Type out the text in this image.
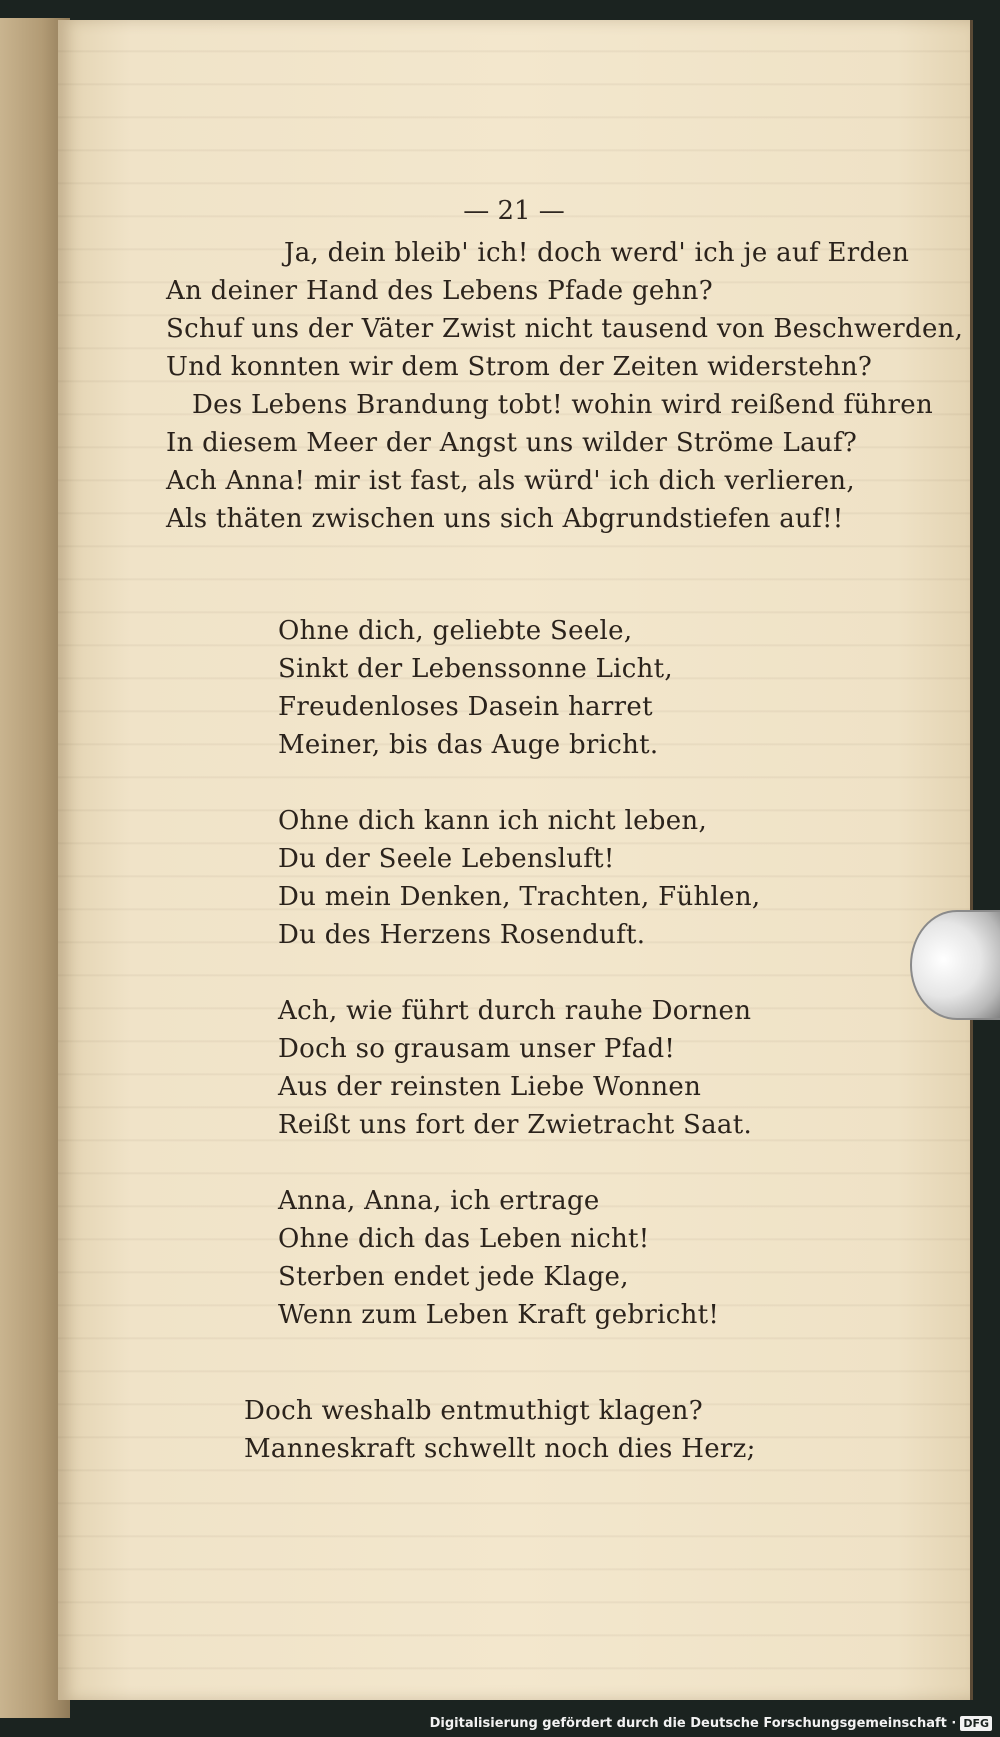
— 21 —
Ja, dein bleib' ich! doch werd' ich je auf Erden
An deiner Hand des Lebens Pfade gehn?
Schuf uns der Väter Zwist nicht tausend von Beschwerden,
Und konnten wir dem Strom der Zeiten widerstehn?
Des Lebens Brandung tobt! wohin wird reißend führen
In diesem Meer der Angst uns wilder Ströme Lauf?
Ach Anna! mir ist fast, als würd' ich dich verlieren,
Als thäten zwischen uns sich Abgrundstiefen auf!!
Ohne dich, geliebte Seele,
Sinkt der Lebenssonne Licht,
Freudenloses Dasein harret
Meiner, bis das Auge bricht.
Ohne dich kann ich nicht leben,
Du der Seele Lebensluft!
Du mein Denken, Trachten, Fühlen,
Du des Herzens Rosenduft.
Ach, wie führt durch rauhe Dornen
Doch so grausam unser Pfad!
Aus der reinsten Liebe Wonnen
Reißt uns fort der Zwietracht Saat.
Anna, Anna, ich ertrage
Ohne dich das Leben nicht!
Sterben endet jede Klage,
Wenn zum Leben Kraft gebricht!
Doch weshalb entmuthigt klagen?
Manneskraft schwellt noch dies Herz;
Digitalisierung gefördert durch die Deutsche Forschungsgemeinschaft · DFG
